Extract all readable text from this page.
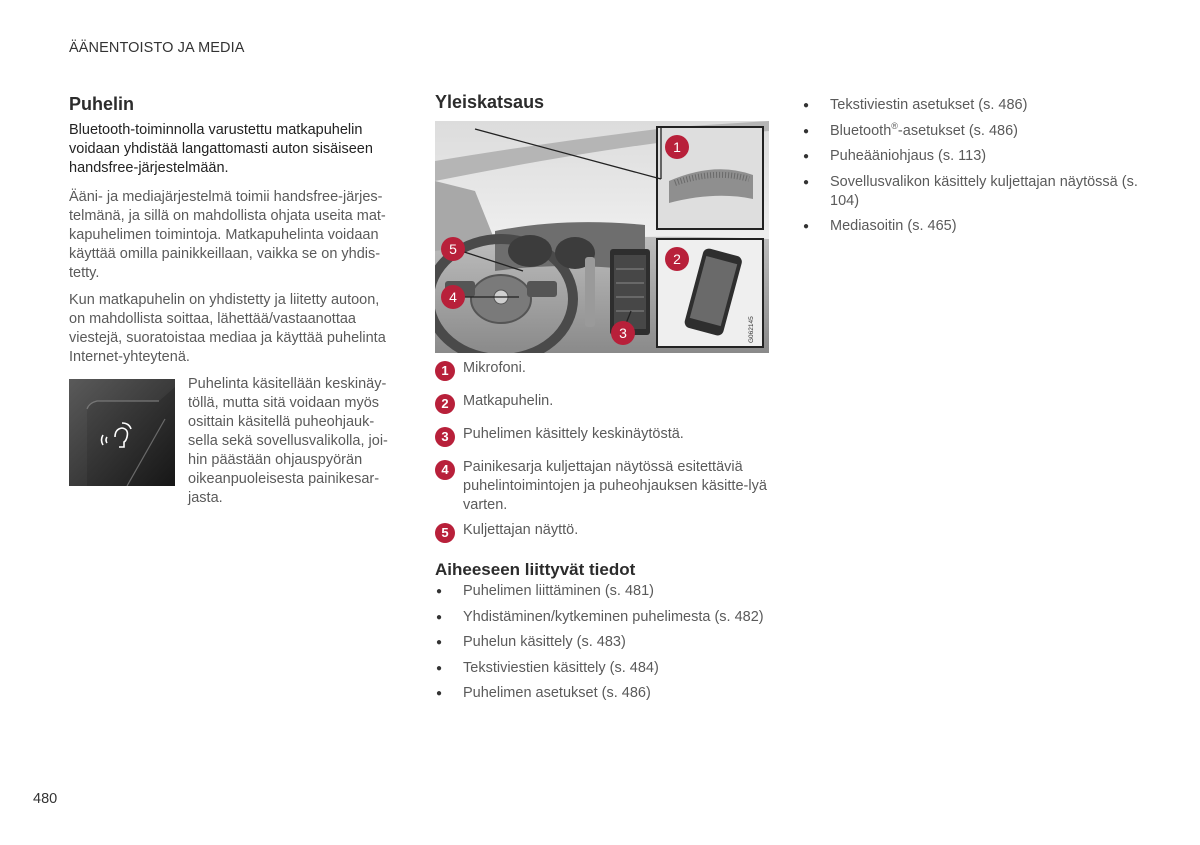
ÄÄNENTOISTO JA MEDIA
Puhelin

Bluetooth-toiminnolla varustettu matkapuhelin voidaan yhdistää langattomasti auton sisäiseen handsfree-järjestelmään.

Ääni- ja mediajärjestelmä toimii handsfree-järjes-telmänä, ja sillä on mahdollista ohjata useita mat-kapuhelimen toimintoja. Matkapuhelinta voidaan käyttää omilla painikkeillaan, vaikka se on yhdis-tetty.

Kun matkapuhelin on yhdistetty ja liitetty autoon, on mahdollista soittaa, lähettää/vastaanottaa viestejä, suoratoistaa mediaa ja käyttää puhelinta Internet-yhteytenä.

Puhelinta käsitellään keskinäy-töllä, mutta sitä voidaan myös osittain käsitellä puheohjauk-sella sekä sovellusvalikolla, joi-hin päästään ohjauspyörän oikeanpuoleisesta painikesar-jasta.
Yleiskatsaus
G062145
1
2
3
4
5
1 Mikrofoni.
2 Matkapuhelin.
3 Puhelimen käsittely keskinäytöstä.
4 Painikesarja kuljettajan näytössä esitettäviä puhelintoimintojen ja puheohjauksen käsitte-lyä varten.
5 Kuljettajan näyttö.
Aiheeseen liittyvät tiedot
● Puhelimen liittäminen (s. 481)
● Yhdistäminen/kytkeminen puhelimesta (s. 482)
● Puhelun käsittely (s. 483)
● Tekstiviestien käsittely (s. 484)
● Puhelimen asetukset (s. 486)
● Tekstiviestin asetukset (s. 486)
● Bluetooth®-asetukset (s. 486)
● Puheääniohjaus (s. 113)
● Sovellusvalikon käsittely kuljettajan näytössä (s. 104)
● Mediasoitin (s. 465)
480
